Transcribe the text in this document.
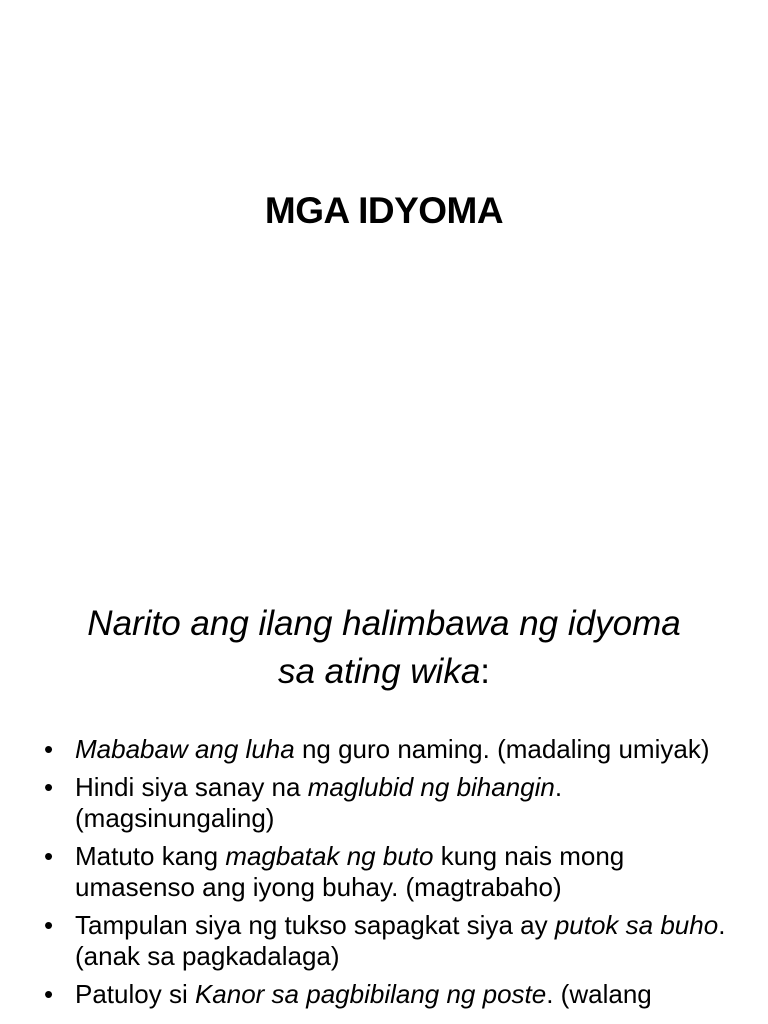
MGA IDYOMA
Narito ang ilang halimbawa ng idyoma
sa ating wika:
• Mababaw ang luha ng guro naming. (madaling umiyak)
• Hindi siya sanay na maglubid ng bihangin. (magsinungaling)
• Matuto kang magbatak ng buto kung nais mong umasenso ang iyong buhay. (magtrabaho)
• Tampulan siya ng tukso sapagkat siya ay putok sa buho. (anak sa pagkadalaga)
• Patuloy si Kanor sa pagbibilang ng poste. (walang
